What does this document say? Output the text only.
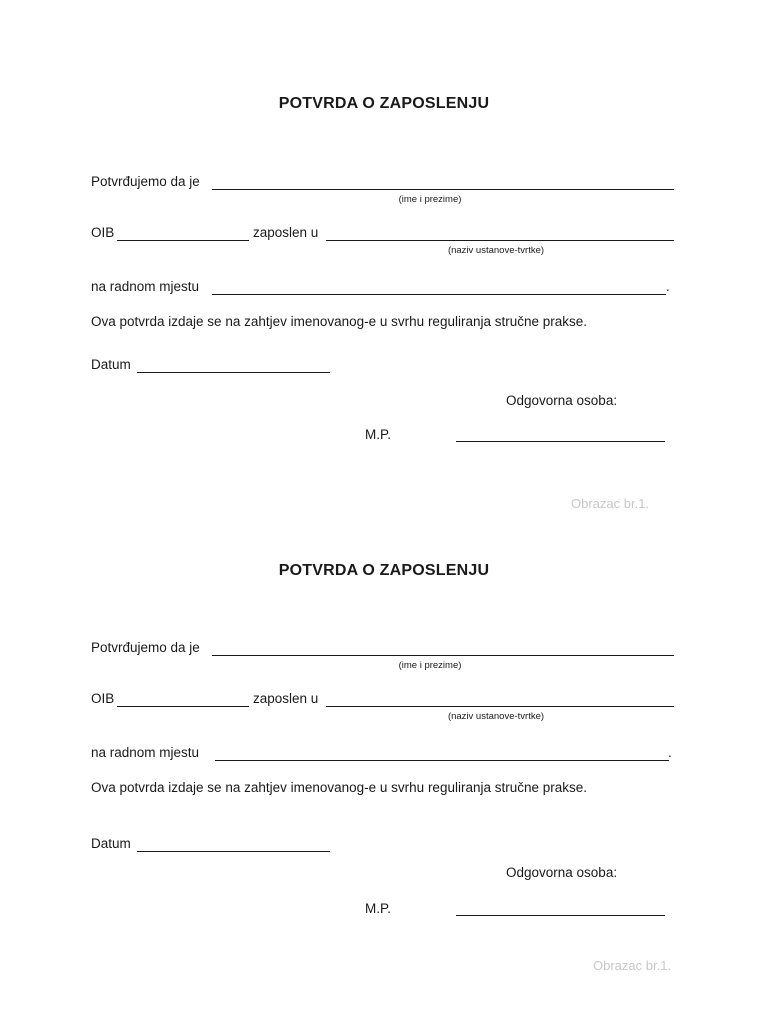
POTVRDA O ZAPOSLENJU
Potvrđujemo da je
(ime i prezime)
OIB	zaposlen u
(naziv ustanove-tvrtke)
na radnom mjestu	.
Ova potvrda izdaje se na zahtjev imenovanog-e u svrhu reguliranja stručne prakse.
Datum
Odgovorna osoba:
M.P.
Obrazac br.1.
POTVRDA O ZAPOSLENJU
Potvrđujemo da je
(ime i prezime)
OIB	zaposlen u
(naziv ustanove-tvrtke)
na radnom mjestu	.
Ova potvrda izdaje se na zahtjev imenovanog-e u svrhu reguliranja stručne prakse.
Datum
Odgovorna osoba:
M.P.
Obrazac br.1.
